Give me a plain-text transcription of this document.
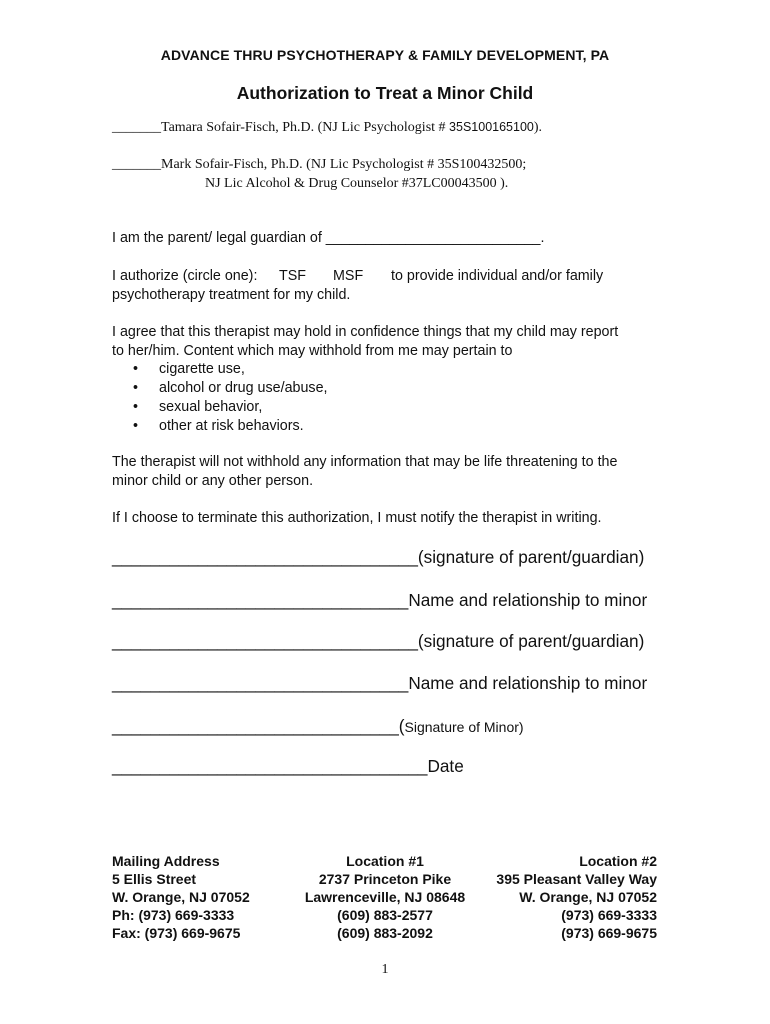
ADVANCE THRU PSYCHOTHERAPY & FAMILY DEVELOPMENT, PA
Authorization to Treat a Minor Child
_______Tamara Sofair-Fisch, Ph.D. (NJ Lic Psychologist # 35S100165100).
_______Mark Sofair-Fisch, Ph.D. (NJ Lic Psychologist # 35S100432500;
NJ Lic Alcohol & Drug Counselor #37LC00043500 ).
I am the parent/ legal guardian of ___________________________.
I authorize (circle one): TSF MSF to provide individual and/or family
psychotherapy treatment for my child.
I agree that this therapist may hold in confidence things that my child may report
to her/him. Content which may withhold from me may pertain to
• cigarette use,
• alcohol or drug use/abuse,
• sexual behavior,
• other at risk behaviors.
The therapist will not withhold any information that may be life threatening to the
minor child or any other person.
If I choose to terminate this authorization, I must notify the therapist in writing.
________________________________(signature of parent/guardian)
_______________________________Name and relationship to minor
________________________________(signature of parent/guardian)
_______________________________Name and relationship to minor
______________________________(Signature of Minor)
_________________________________Date
Mailing Address
5 Ellis Street
W. Orange, NJ 07052
Ph: (973) 669-3333
Fax: (973) 669-9675
Location #1
2737 Princeton Pike
Lawrenceville, NJ 08648
(609) 883-2577
(609) 883-2092
Location #2
395 Pleasant Valley Way
W. Orange, NJ 07052
(973) 669-3333
(973) 669-9675
1
